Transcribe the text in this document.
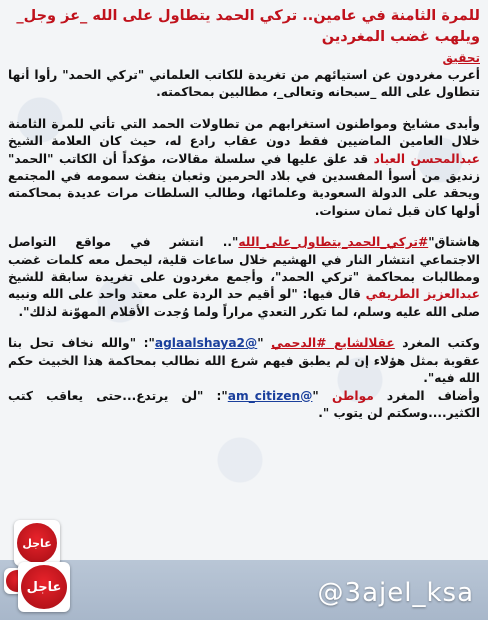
للمرة الثامنة في عامين.. تركي الحمد يتطاول على الله _عز وجل_ ويلهب غضب المغردين
تحقيق

أعرب مغردون عن استيائهم من تغريدة للكاتب العلماني "تركي الحمد" رأوا أنها تتطاول على الله _سبحانه وتعالى_، مطالبين بمحاكمته.

وأبدى مشايخ ومواطنون استغرابهم من تطاولات الحمد التي تأتي للمرة الثامنة خلال العامين الماضيين فقط دون عقاب رادع له، حيث كان العلامة الشيخ عبدالمحسن العباد قد علق عليها في سلسلة مقالات، مؤكداً أن الكاتب "الحمد" زنديق من أسوأ المفسدين في بلاد الحرمين وثعبان ينفث سمومه في المجتمع ويحقد على الدولة السعودية وعلمائها، وطالب السلطات مرات عديدة بمحاكمته أولها كان قبل ثمان سنوات.

هاشتاق"#تركي_الحمد_يتطاول_على_الله".. انتشر في مواقع التواصل الاجتماعي انتشار النار في الهشيم خلال ساعات قلية، ليحمل معه كلمات غضب ومطالبات بمحاكمة "تركي الحمد"، وأجمع مغردون على تغريدة سابقة للشيخ عبدالعزيز الطريفي قال فيها: "لو أقيم حد الردة على معتد واحد على الله ونبيه صلى الله عليه وسلم، لما تكرر التعدي مراراً ولما وُجدت الأقلام المهوّنة لذلك".

وكتب المغرد عقلالشايع #الدحمي "@aglaalshaya2": "والله نخاف تحل بنا عقوبة بمثل هؤلاء إن لم يطبق فيهم شرع الله نطالب بمحاكمة هذا الخبيث حكم الله فيه".

وأضاف المغرد مواطن "@am_citizen": "لن يرتدع...حتى يعاقب كتب الكثير....وسكتم لن يتوب ".

@3ajel_ksa
عاجل
عاجل
